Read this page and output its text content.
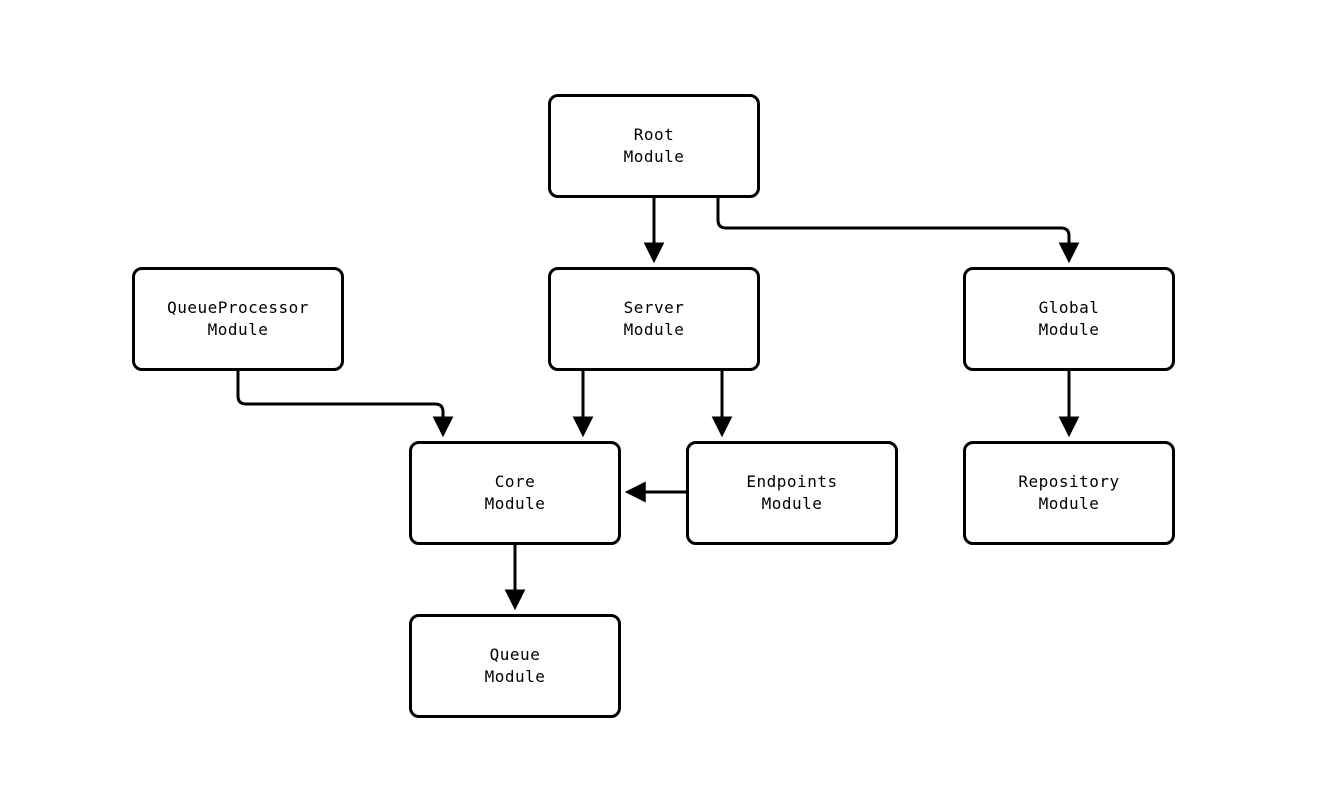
Root
Module
QueueProcessor
Module
Server
Module
Global
Module
Core
Module
Endpoints
Module
Repository
Module
Queue
Module
